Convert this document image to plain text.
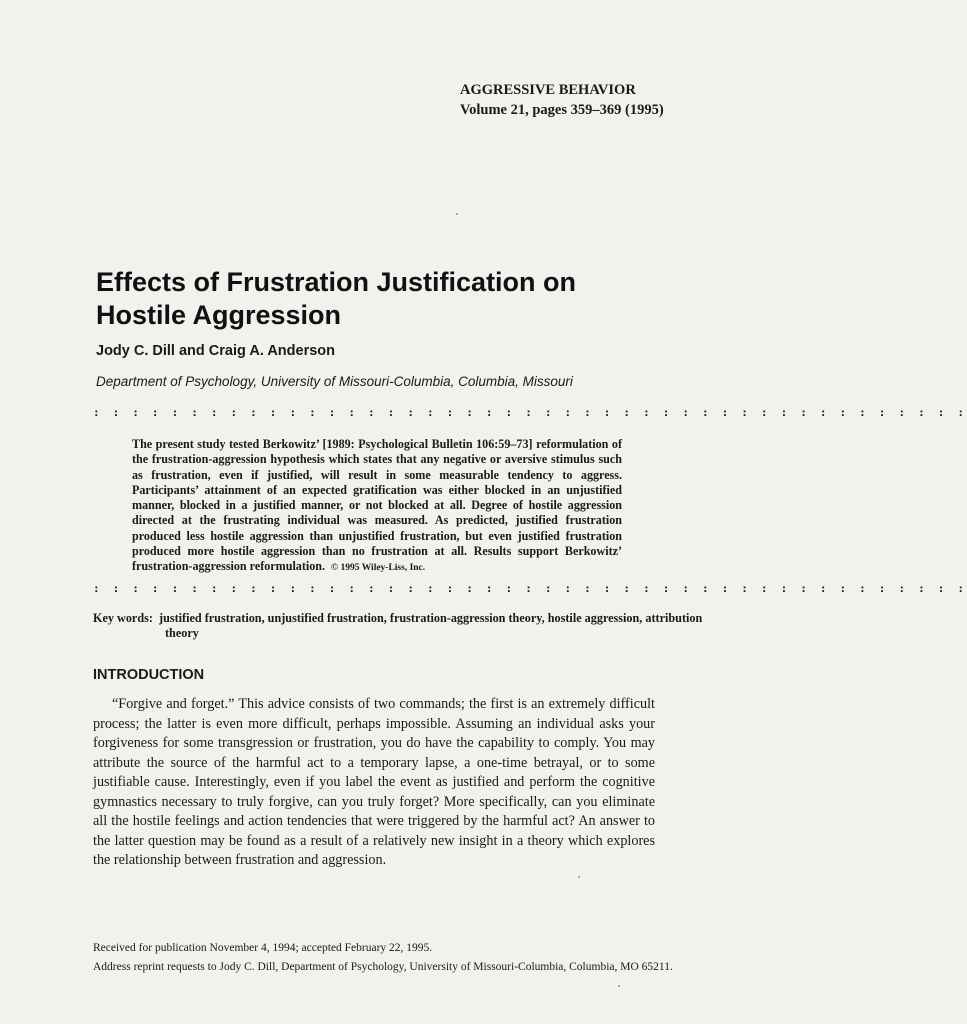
AGGRESSIVE BEHAVIOR
Volume 21, pages 359–369 (1995)
Effects of Frustration Justification on
Hostile Aggression
Jody C. Dill and Craig A. Anderson
Department of Psychology, University of Missouri-Columbia, Columbia, Missouri
: : : : : : : : : : : : : : : : : : : : : : : : : : : : : : : : : : : : : : : : : : : : :
The present study tested Berkowitz’ [1989: Psychological Bulletin 106:59–73] reformulation of the frustration-aggression hypothesis which states that any negative or aversive stimulus such as frustration, even if justified, will result in some measurable tendency to aggress. Participants’ attainment of an expected gratification was either blocked in an unjustified manner, blocked in a justified manner, or not blocked at all. Degree of hostile aggression directed at the frustrating individual was measured. As predicted, justified frustration produced less hostile aggression than unjustified frustration, but even justified frustration produced more hostile aggression than no frustration at all. Results support Berkowitz’ frustration-aggression reformulation. © 1995 Wiley-Liss, Inc.
: : : : : : : : : : : : : : : : : : : : : : : : : : : : : : : : : : : : : : : : : : : : :
Key words: justified frustration, unjustified frustration, frustration-aggression theory, hostile aggression, attribution theory
INTRODUCTION
“Forgive and forget.” This advice consists of two commands; the first is an extremely difficult process; the latter is even more difficult, perhaps impossible. Assuming an individual asks your forgiveness for some transgression or frustration, you do have the capability to comply. You may attribute the source of the harmful act to a temporary lapse, a one-time betrayal, or to some justifiable cause. Interestingly, even if you label the event as justified and perform the cognitive gymnastics necessary to truly forgive, can you truly forget? More specifically, can you eliminate all the hostile feelings and action tendencies that were triggered by the harmful act? An answer to the latter question may be found as a result of a relatively new insight in a theory which explores the relationship between frustration and aggression.

Received for publication November 4, 1994; accepted February 22, 1995.

Address reprint requests to Jody C. Dill, Department of Psychology, University of Missouri-Columbia, Columbia, MO 65211.
